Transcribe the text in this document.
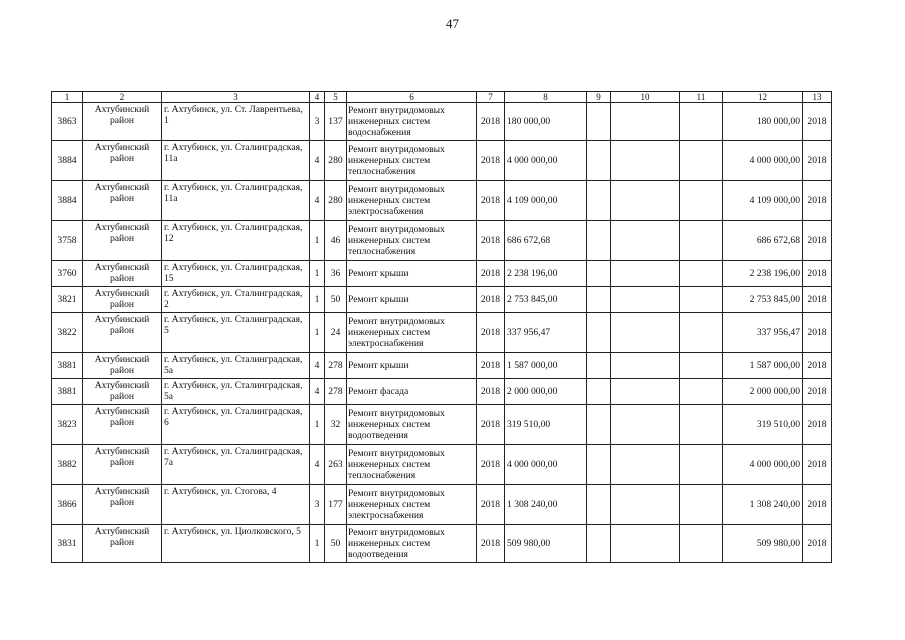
47
1	2	3	4	5	6	7	8	9	10	11	12	13
3863	Ахтубинский район	г. Ахтубинск, ул. Ст. Лаврентьева, 1	3	137	Ремонт внутридомовых инженерных систем водоснабжения	2018	180 000,00				180 000,00	2018
3884	Ахтубинский район	г. Ахтубинск, ул. Сталинградская, 11а	4	280	Ремонт внутридомовых инженерных систем теплоснабжения	2018	4 000 000,00				4 000 000,00	2018
3884	Ахтубинский район	г. Ахтубинск, ул. Сталинградская, 11а	4	280	Ремонт внутридомовых инженерных систем электроснабжения	2018	4 109 000,00				4 109 000,00	2018
3758	Ахтубинский район	г. Ахтубинск, ул. Сталинградская, 12	1	46	Ремонт внутридомовых инженерных систем теплоснабжения	2018	686 672,68				686 672,68	2018
3760	Ахтубинский район	г. Ахтубинск, ул. Сталинградская, 15	1	36	Ремонт крыши	2018	2 238 196,00				2 238 196,00	2018
3821	Ахтубинский район	г. Ахтубинск, ул. Сталинградская, 2	1	50	Ремонт крыши	2018	2 753 845,00				2 753 845,00	2018
3822	Ахтубинский район	г. Ахтубинск, ул. Сталинградская, 5	1	24	Ремонт внутридомовых инженерных систем электроснабжения	2018	337 956,47				337 956,47	2018
3881	Ахтубинский район	г. Ахтубинск, ул. Сталинградская, 5а	4	278	Ремонт крыши	2018	1 587 000,00				1 587 000,00	2018
3881	Ахтубинский район	г. Ахтубинск, ул. Сталинградская, 5а	4	278	Ремонт фасада	2018	2 000 000,00				2 000 000,00	2018
3823	Ахтубинский район	г. Ахтубинск, ул. Сталинградская, 6	1	32	Ремонт внутридомовых инженерных систем водоотведения	2018	319 510,00				319 510,00	2018
3882	Ахтубинский район	г. Ахтубинск, ул. Сталинградская, 7а	4	263	Ремонт внутридомовых инженерных систем теплоснабжения	2018	4 000 000,00				4 000 000,00	2018
3866	Ахтубинский район	г. Ахтубинск, ул. Стогова, 4	3	177	Ремонт внутридомовых инженерных систем электроснабжения	2018	1 308 240,00				1 308 240,00	2018
3831	Ахтубинский район	г. Ахтубинск, ул. Циолковского, 5	1	50	Ремонт внутридомовых инженерных систем водоотведения	2018	509 980,00				509 980,00	2018
